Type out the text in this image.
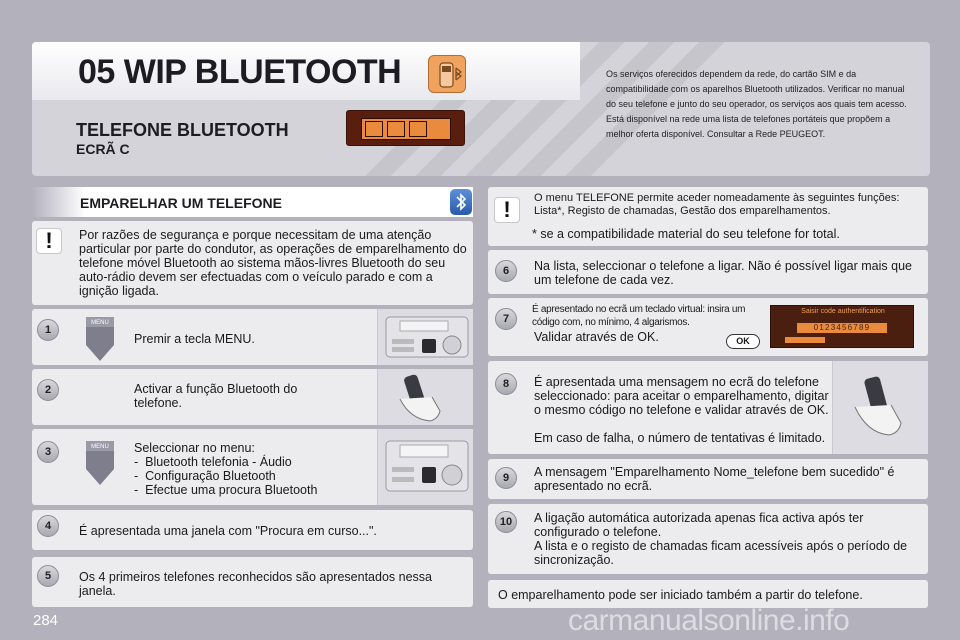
05 WIP BLUETOOTH
TELEFONE BLUETOOTH
ECRÃ C
Os serviços oferecidos dependem da rede, do cartão SIM e da compatibilidade com os aparelhos Bluetooth utilizados. Verificar no manual do seu telefone e junto do seu operador, os serviços aos quais tem acesso. Está disponível na rede uma lista de telefones portáteis que propõem a melhor oferta disponível. Consultar a Rede PEUGEOT.
EMPARELHAR UM TELEFONE
!	Por razões de segurança e porque necessitam de uma atenção particular por parte do condutor, as operações de emparelhamento do telefone móvel Bluetooth ao sistema mãos-livres Bluetooth do seu auto-rádio devem ser efectuadas com o veículo parado e com a ignição ligada.
1
MENU
Premir a tecla MENU.
2	Activar a função Bluetooth do telefone.
3	MENU Seleccionar no menu:
-  Bluetooth telefonia - Áudio
-  Configuração Bluetooth
-  Efectue uma procura Bluetooth
4	É apresentada uma janela com "Procura em curso...".
5	Os 4 primeiros telefones reconhecidos são apresentados nessa janela.
284
!	O menu TELEFONE permite aceder nomeadamente às seguintes funções: Lista*, Registo de chamadas, Gestão dos emparelhamentos.
* se a compatibilidade material do seu telefone for total.
6	Na lista, seleccionar o telefone a ligar. Não é possível ligar mais que um telefone de cada vez.
7
É apresentado no ecrã um teclado virtual: insira um código com, no mínimo, 4 algarismos.
Validar através de OK.	OK
Saisir code authentification
0123456789
8	É apresentada uma mensagem no ecrã do telefone seleccionado: para aceitar o emparelhamento, digitar o mesmo código no telefone e validar através de OK.
Em caso de falha, o número de tentativas é limitado.
9	A mensagem "Emparelhamento Nome_telefone bem sucedido" é apresentado no ecrã.
10	A ligação automática autorizada apenas fica activa após ter configurado o telefone.
A lista e o registo de chamadas ficam acessíveis após o período de sincronização.
O emparelhamento pode ser iniciado também a partir do telefone.
carmanualsonline.info
